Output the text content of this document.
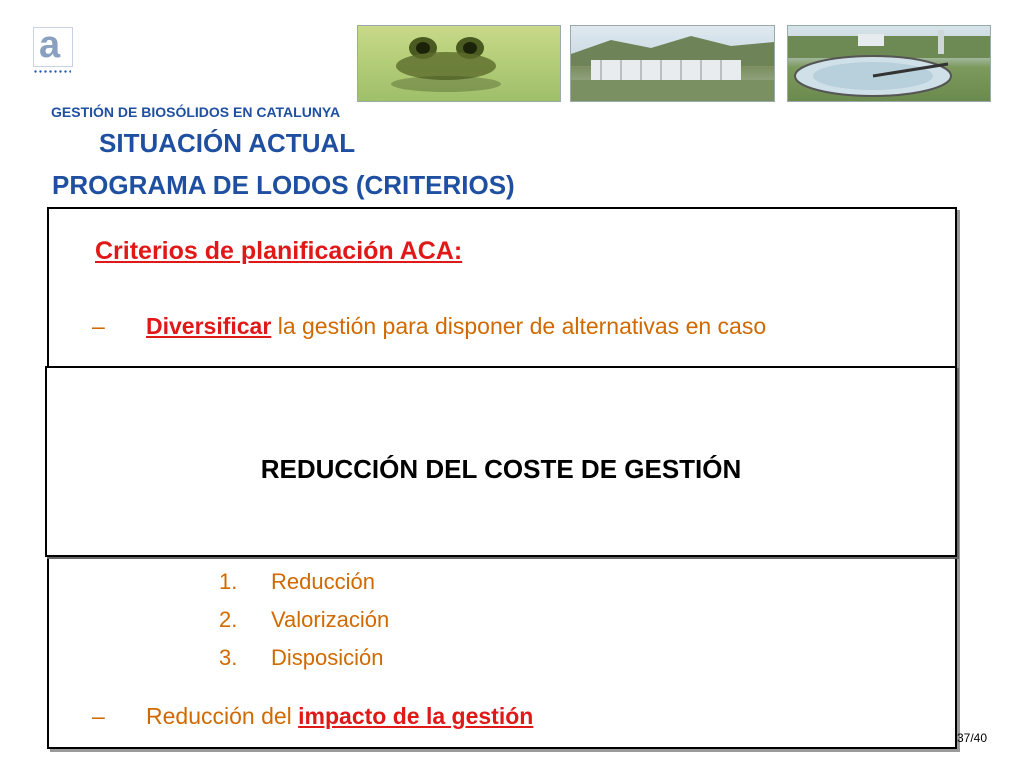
a

GESTIÓN DE BIOSÓLIDOS EN CATALUNYA

SITUACIÓN ACTUAL

PROGRAMA DE LODOS (CRITERIOS)

Criterios de planificación ACA:

– Diversificar la gestión para disponer de alternativas en caso

1. Reducción
2. Valorización
3. Disposición

– Reducción del impacto de la gestión

REDUCCIÓN DEL COSTE DE GESTIÓN

37/40
